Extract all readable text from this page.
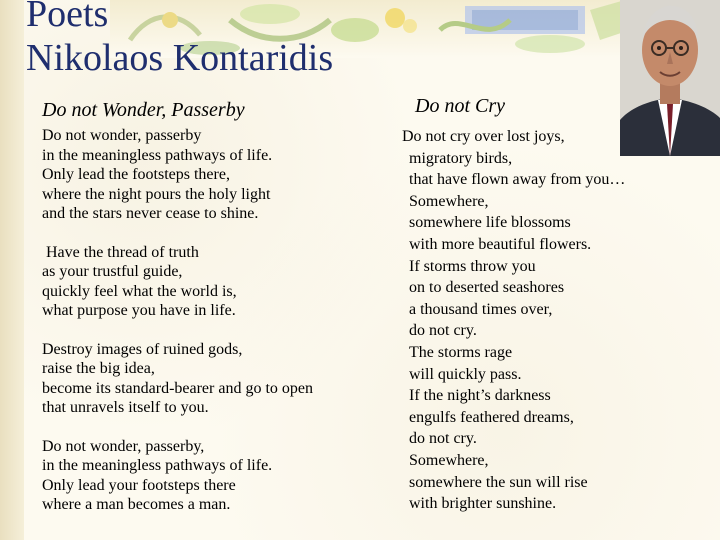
Poets
Nikolaos Kontaridis
Do not Wonder, Passerby	Do not Cry

Do not wonder, passerby
in the meaningless pathways of life.
Only lead the footsteps there,
where the night pours the holy light
and the stars never cease to shine.

Have the thread of truth
as your trustful guide,
quickly feel what the world is,
what purpose you have in life.

Destroy images of ruined gods,
raise the big idea,
become its standard-bearer and go to open
that unravels itself to you.

Do not wonder, passerby,
in the meaningless pathways of life.
Only lead your footsteps there
where a man becomes a man.

Do not cry over lost joys,
migratory birds,
that have flown away from you…
Somewhere,
somewhere life blossoms
with more beautiful flowers.
If storms throw you
on to deserted seashores
a thousand times over,
do not cry.
The storms rage
will quickly pass.
If the night’s darkness
engulfs feathered dreams,
do not cry.
Somewhere,
somewhere the sun will rise
with brighter sunshine.
